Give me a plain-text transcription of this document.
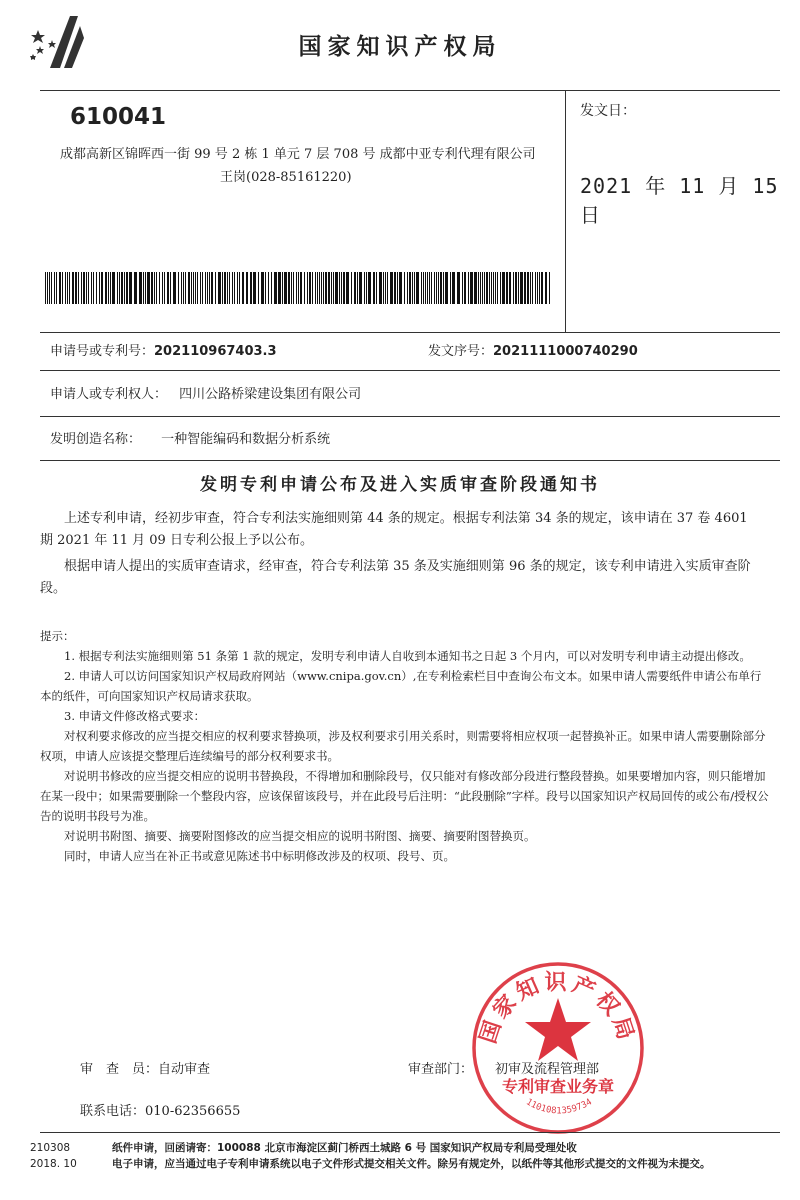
国家知识产权局
610041
成都高新区锦晖西一街 99 号 2 栋 1 单元 7 层 708 号 成都中亚专利代理有限公司
王岗(028-85161220)
发文日：
2021 年 11 月 15 日
申请号或专利号：202110967403.3	发文序号：2021111000740290
申请人或专利权人： 四川公路桥梁建设集团有限公司
发明创造名称： 一种智能编码和数据分析系统
发明专利申请公布及进入实质审查阶段通知书
上述专利申请，经初步审查，符合专利法实施细则第 44 条的规定。根据专利法第 34 条的规定，该申请在 37 卷 4601 期 2021 年 11 月 09 日专利公报上予以公布。
根据申请人提出的实质审查请求，经审查，符合专利法第 35 条及实施细则第 96 条的规定，该专利申请进入实质审查阶段。

提示：

1. 根据专利法实施细则第 51 条第 1 款的规定，发明专利申请人自收到本通知书之日起 3 个月内，可以对发明专利申请主动提出修改。

2. 申请人可以访问国家知识产权局政府网站（www.cnipa.gov.cn）,在专利检索栏目中查询公布文本。如果申请人需要纸件申请公布单行本的纸件，可向国家知识产权局请求获取。

3. 申请文件修改格式要求：

对权利要求修改的应当提交相应的权利要求替换项，涉及权利要求引用关系时，则需要将相应权项一起替换补正。如果申请人需要删除部分权项，申请人应该提交整理后连续编号的部分权利要求书。

对说明书修改的应当提交相应的说明书替换段，不得增加和删除段号，仅只能对有修改部分段进行整段替换。如果要增加内容，则只能增加在某一段中；如果需要删除一个整段内容，应该保留该段号，并在此段号后注明：“此段删除”字样。段号以国家知识产权局回传的或公布/授权公告的说明书段号为准。

对说明书附图、摘要、摘要附图修改的应当提交相应的说明书附图、摘要、摘要附图替换页。

同时，申请人应当在补正书或意见陈述书中标明修改涉及的权项、段号、页。

审　查　员：自动审查	审查部门： 初审及流程管理部
联系电话：010-62356655
国家知识产权局
专利审查业务章
1101081359734
210308
2018. 10
纸件申请，回函请寄：100088 北京市海淀区蓟门桥西土城路 6 号 国家知识产权局专利局受理处收
电子申请，应当通过电子专利申请系统以电子文件形式提交相关文件。除另有规定外，以纸件等其他形式提交的文件视为未提交。
